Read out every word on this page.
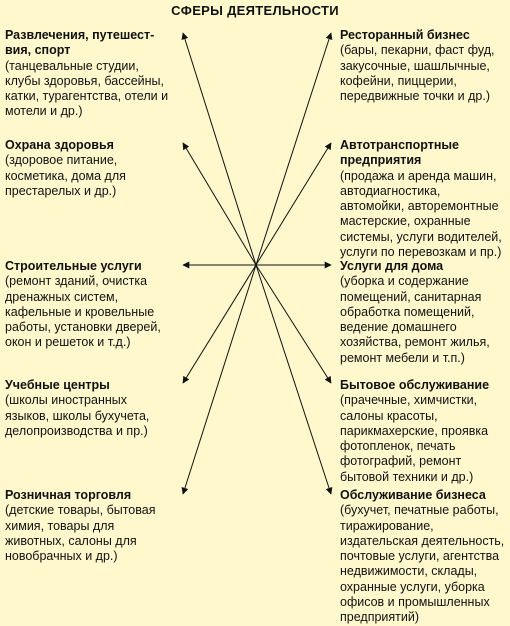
СФЕРЫ ДЕЯТЕЛЬНОСТИ
Развлечения, путешест-
вия, спорт
(танцевальные студии,
клубы здоровья, бассейны,
катки, турагентства, отели и
мотели и др.)
Охрана здоровья
(здоровое питание,
косметика, дома для
престарелых и др.)
Строительные услуги
(ремонт зданий, очистка
дренажных систем,
кафельные и кровельные
работы, установки дверей,
окон и решеток и т.д.)
Учебные центры
(школы иностранных
языков, школы бухучета,
делопроизводства и пр.)
Розничная торговля
(детские товары, бытовая
химия, товары для
животных, салоны для
новобрачных и др.)
Ресторанный бизнес
(бары, пекарни, фаст фуд,
закусочные, шашлычные,
кофейни, пиццерии,
передвижные точки и др.)
Автотранспортные
предприятия
(продажа и аренда машин,
автодиагностика,
автомойки, авторемонтные
мастерские, охранные
системы, услуги водителей,
услуги по перевозкам и пр.)
Услуги для дома
(уборка и содержание
помещений, санитарная
обработка помещений,
ведение домашнего
хозяйства, ремонт жилья,
ремонт мебели и т.п.)
Бытовое обслуживание
(прачечные, химчистки,
салоны красоты,
парикмахерские, проявка
фотопленок, печать
фотографий, ремонт
бытовой техники и др.)
Обслуживание бизнеса
(бухучет, печатные работы,
тиражирование,
издательская деятельность,
почтовые услуги, агентства
недвижимости, склады,
охранные услуги, уборка
офисов и промышленных
предприятий)
